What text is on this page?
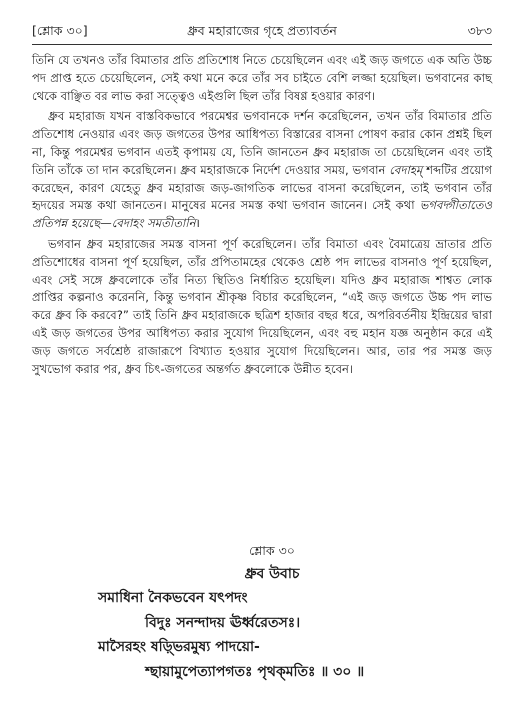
ধ্রুব মহারাজের গৃহে প্রত্যাবর্তন
[শ্লোক ৩০]	৩৮৩

তিনি যে তখনও তাঁর বিমাতার প্রতি প্রতিশোধ নিতে চেয়েছিলেন এবং এই জড় জগতে এক অতি উচ্চ পদ প্রাপ্ত হতে চেয়েছিলেন, সেই কথা মনে করে তাঁর সব চাইতে বেশি লজ্জা হয়েছিল। ভগবানের কাছ থেকে বাঞ্ছিত বর লাভ করা সত্ত্বেও এইগুলি ছিল তাঁর বিষণ্ণ হওয়ার কারণ।

ধ্রুব মহারাজ যখন বাস্তবিকভাবে পরমেশ্বর ভগবানকে দর্শন করেছিলেন, তখন তাঁর বিমাতার প্রতি প্রতিশোধ নেওয়ার এবং জড় জগতের উপর আধিপত্য বিস্তারের বাসনা পোষণ করার কোন প্রশ্নই ছিল না, কিন্তু পরমেশ্বর ভগবান এতই কৃপাময় যে, তিনি জানতেন ধ্রুব মহারাজ তা চেয়েছিলেন এবং তাই তিনি তাঁকে তা দান করেছিলেন। ধ্রুব মহারাজকে নির্দেশ দেওয়ার সময়, ভগবান বেদাহম্‌ শব্দটির প্রয়োগ করেছেন, কারণ যেহেতু ধ্রুব মহারাজ জড়-জাগতিক লাভের বাসনা করেছিলেন, তাই ভগবান তাঁর হৃদয়ের সমস্ত কথা জানতেন। মানুষের মনের সমস্ত কথা ভগবান জানেন। সেই কথা ভগবদ্গীতাতেও প্রতিপন্ন হয়েছে—বেদাহং সমতীতানি।

ভগবান ধ্রুব মহারাজের সমস্ত বাসনা পূর্ণ করেছিলেন। তাঁর বিমাতা এবং বৈমাত্রেয় ভ্রাতার প্রতি প্রতিশোধের বাসনা পূর্ণ হয়েছিল, তাঁর প্রপিতামহের থেকেও শ্রেষ্ঠ পদ লাভের বাসনাও পূর্ণ হয়েছিল, এবং সেই সঙ্গে ধ্রুবলোকে তাঁর নিত্য স্থিতিও নির্ধারিত হয়েছিল। যদিও ধ্রুব মহারাজ শাশ্বত লোক প্রাপ্তির কল্পনাও করেননি, কিন্তু ভগবান শ্রীকৃষ্ণ বিচার করেছিলেন, “এই জড় জগতে উচ্চ পদ লাভ করে ধ্রুব কি করবে?” তাই তিনি ধ্রুব মহারাজকে ছত্রিশ হাজার বছর ধরে, অপরিবর্তনীয় ইন্দ্রিয়ের দ্বারা এই জড় জগতের উপর আধিপত্য করার সুযোগ দিয়েছিলেন, এবং বহু মহান যজ্ঞ অনুষ্ঠান করে এই জড় জগতে সর্বশ্রেষ্ঠ রাজারূপে বিখ্যাত হওয়ার সুযোগ দিয়েছিলেন। আর, তার পর সমস্ত জড় সুখভোগ করার পর, ধ্রুব চিৎ-জগতের অন্তর্গত ধ্রুবলোকে উন্নীত হবেন।

শ্লোক ৩০
ধ্রুব উবাচ
সমাধিনা নৈকভবেন যৎপদং
বিদুঃ সনন্দাদয় ঊর্ধ্বরেতসঃ।
মাসৈরহং ষড়্ভিরমুষ্য পাদয়ো-
শ্ছায়ামুপেত্যাপগতঃ পৃথক্‌মতিঃ ॥ ৩০ ॥
